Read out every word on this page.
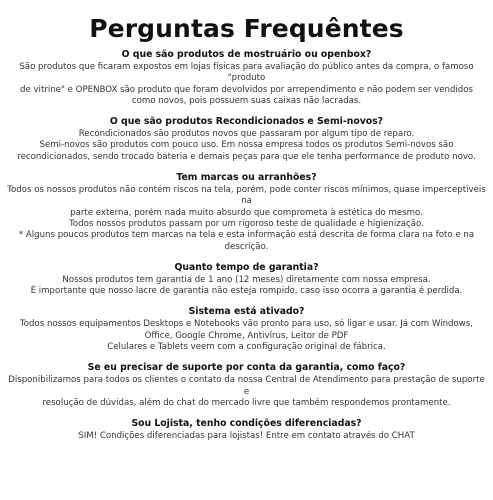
Perguntas Frequêntes
O que são produtos de mostruário ou openbox?

São produtos que ficaram expostos em lojas físicas para avaliação do público antes da compra, o famoso "produto
de vitrine" e OPENBOX são produto que foram devolvidos por arrependimento e não podem ser vendidos
como novos, pois possuem suas caixas não lacradas.

O que são produtos Recondicionados e Semi-novos?

Recondicionados são produtos novos que passaram por algum tipo de reparo.
Semi-novos são produtos com pouco uso. Em nossa empresa todos os produtos Semi-novos são
recondicionados, sendo trocado bateria e demais peças para que ele tenha performance de produto novo.

Tem marcas ou arranhões?

Todos os nossos produtos não contém riscos na tela, porém, pode conter riscos mínimos, quase imperceptíveis na
parte externa, porém nada muito absurdo que comprometa à estética do mesmo.
Todos nossos produtos passam por um rigoroso teste de qualidade e higienização.
* Alguns poucos produtos tem marcas na tela e esta informação está descrita de forma clara na foto e na
descrição.

Quanto tempo de garantia?

Nossos produtos tem garantia de 1 ano (12 meses) diretamente com nossa empresa.
É importante que nosso lacre de garantia não esteja rompido, caso isso ocorra a garantia é perdida.

Sistema está ativado?

Todos nossos equipamentos Desktops e Notebooks vão pronto para uso, só ligar e usar. Já com Windows,
Office, Google Chrome, Antivírus, Leitor de PDF
Celulares e Tablets veem com a configuração original de fábrica.

Se eu precisar de suporte por conta da garantia, como faço?

Disponibilizamos para todos os clientes o contato da nossa Central de Atendimento para prestação de suporte e
resolução de dúvidas, além do chat do mercado livre que também respondemos prontamente.

Sou Lojista, tenho condições diferenciadas?

SIM! Condições diferenciadas para lojistas! Entre em contato através do CHAT
